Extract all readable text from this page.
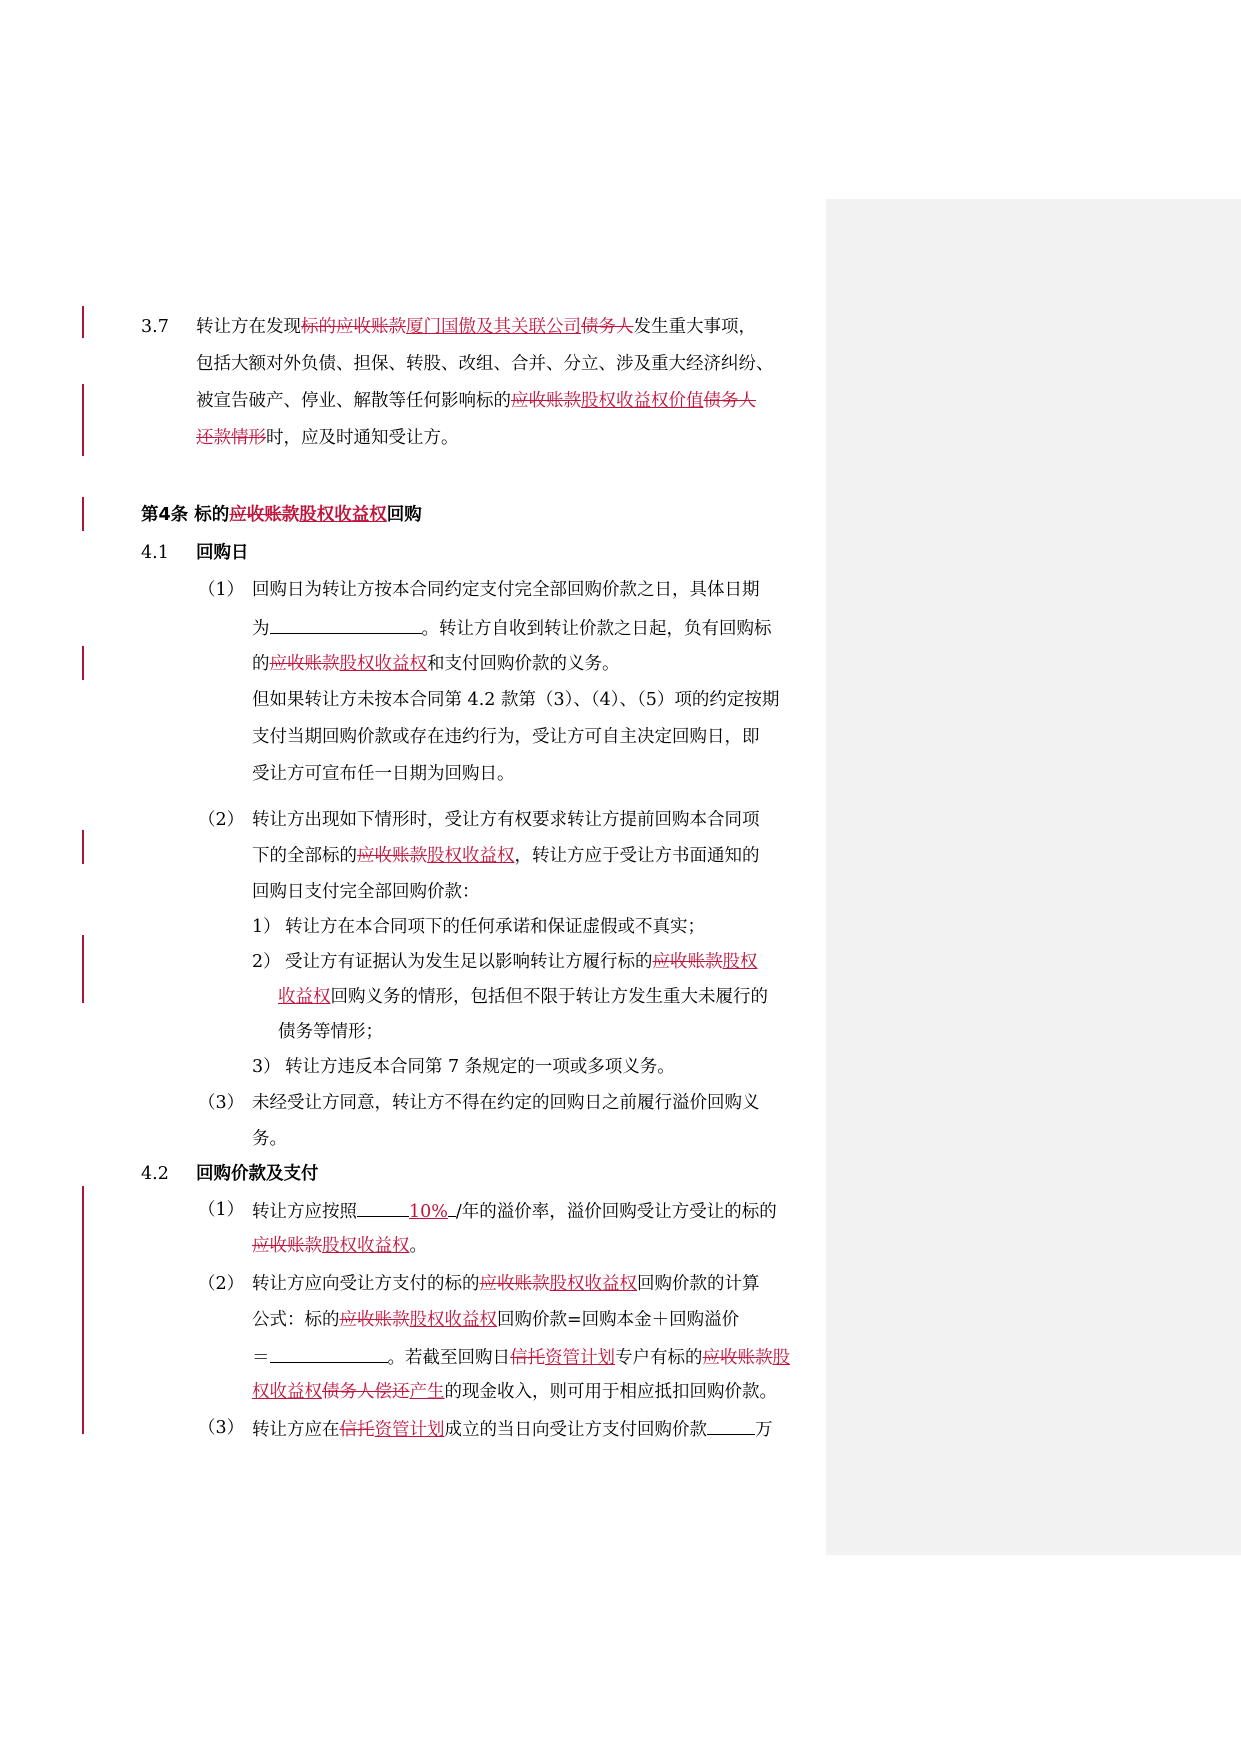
3.7 转让方在发现标的应收账款厦门国傲及其关联公司债务人发生重大事项，
包括大额对外负债、担保、转股、改组、合并、分立、涉及重大经济纠纷、
被宣告破产、停业、解散等任何影响标的应收账款股权收益权价值债务人
还款情形时，应及时通知受让方。
第4条 标的应收账款股权收益权回购
4.1 回购日
（1） 回购日为转让方按本合同约定支付完全部回购价款之日，具体日期
为	。转让方自收到转让价款之日起，负有回购标
的应收账款股权收益权和支付回购价款的义务。
但如果转让方未按本合同第 4.2 款第（3）、（4）、（5）项的约定按期
支付当期回购价款或存在违约行为，受让方可自主决定回购日，即
受让方可宣布任一日期为回购日。
（2） 转让方出现如下情形时，受让方有权要求转让方提前回购本合同项
下的全部标的应收账款股权收益权，转让方应于受让方书面通知的
回购日支付完全部回购价款：
1） 转让方在本合同项下的任何承诺和保证虚假或不真实；
2） 受让方有证据认为发生足以影响转让方履行标的应收账款股权
收益权回购义务的情形，包括但不限于转让方发生重大未履行的
债务等情形；
3） 转让方违反本合同第 7 条规定的一项或多项义务。
（3） 未经受让方同意，转让方不得在约定的回购日之前履行溢价回购义
务。
4.2 回购价款及支付
（1） 转让方应按照	10% /年的溢价率，溢价回购受让方受让的标的
应收账款股权收益权。
（2） 转让方应向受让方支付的标的应收账款股权收益权回购价款的计算
公式：标的应收账款股权收益权回购价款=回购本金＋回购溢价
＝	。若截至回购日信托资管计划专户有标的应收账款股
权收益权债务人偿还产生的现金收入，则可用于相应抵扣回购价款。
（3） 转让方应在信托资管计划成立的当日向受让方支付回购价款	万
